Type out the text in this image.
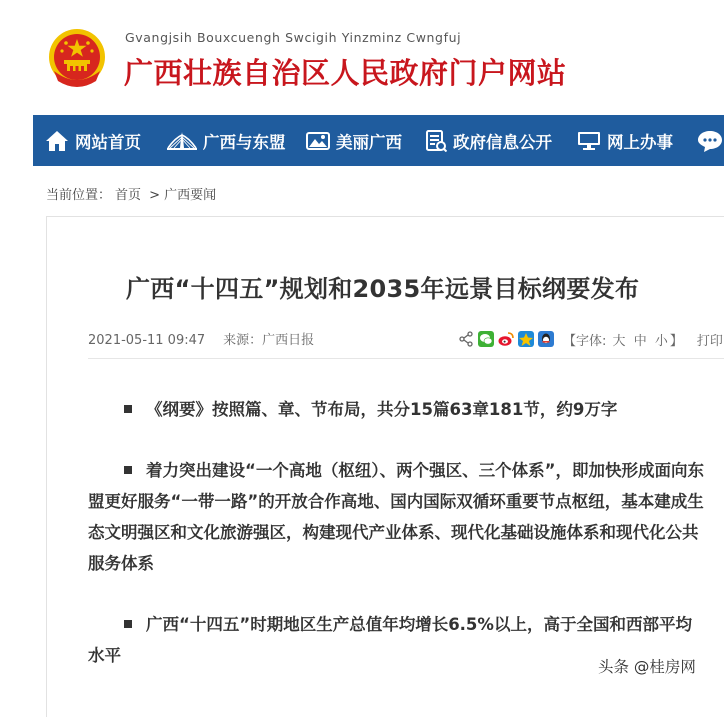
Gvangjsih Bouxcuengh Swcigih Yinzminz Cwngfuj
广西壮族自治区人民政府门户网站
网站首页	广西与东盟	美丽广西	政府信息公开	网上办事
当前位置： 首页 > 广西要闻
广西“十四五”规划和2035年远景目标纲要发布
2021-05-11 09:47 来源：广西日报	【字体: 大 中 小 】 打印
《纲要》按照篇、章、节布局，共分15篇63章181节，约9万字
着力突出建设“一个高地（枢纽）、两个强区、三个体系”，即加快形成面向东盟更好服务“一带一路”的开放合作高地、国内国际双循环重要节点枢纽，基本建成生态文明强区和文化旅游强区，构建现代产业体系、现代化基础设施体系和现代化公共服务体系
广西“十四五”时期地区生产总值年均增长6.5%以上，高于全国和西部平均水平
头条 @桂房网
